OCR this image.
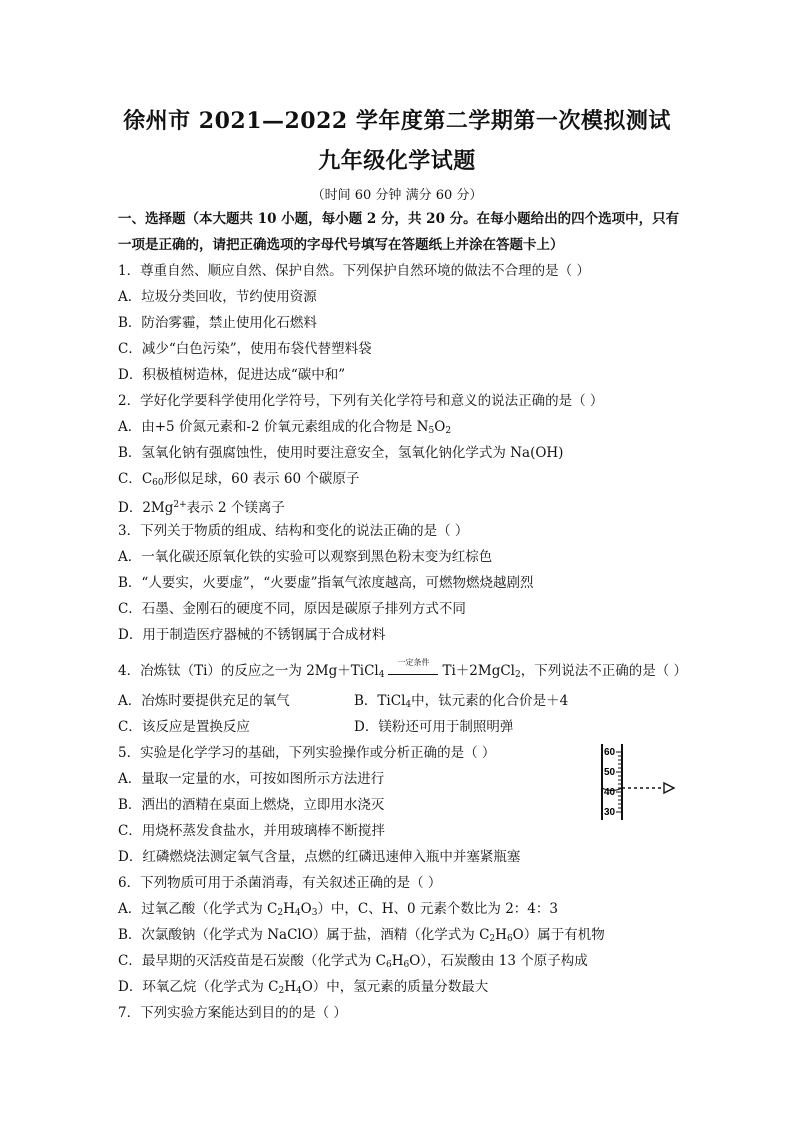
徐州市 2021—2022 学年度第二学期第一次模拟测试
九年级化学试题
（时间 60 分钟 满分 60 分）
一、选择题（本大题共 10 小题，每小题 2 分，共 20 分。在每小题给出的四个选项中，只有
一项是正确的，请把正确选项的字母代号填写在答题纸上并涂在答题卡上）
1．尊重自然、顺应自然、保护自然。下列保护自然环境的做法不合理的是（ ）
A．垃圾分类回收，节约使用资源
B．防治雾霾，禁止使用化石燃料
C．减少“白色污染”，使用布袋代替塑料袋
D．积极植树造林，促进达成“碳中和”
2．学好化学要科学使用化学符号，下列有关化学符号和意义的说法正确的是（ ）
A．由+5 价氮元素和-2 价氧元素组成的化合物是 $N_5O_2$
B．氢氧化钠有强腐蚀性，使用时要注意安全，氢氧化钠化学式为 Na(OH)
C．$C_{60}$形似足球，60 表示 60 个碳原子
D．$2Mg^{2+}$表示 2 个镁离子
3．下列关于物质的组成、结构和变化的说法正确的是（ ）
A．一氧化碳还原氧化铁的实验可以观察到黑色粉末变为红棕色
B．“人要实，火要虚”，“火要虚”指氧气浓度越高，可燃物燃烧越剧烈
C．石墨、金刚石的硬度不同，原因是碳原子排列方式不同
D．用于制造医疗器械的不锈钢属于合成材料
4．冶炼钛（Ti）的反应之一为 2Mg＋TiCl$_4$
一定条件
Ti＋2MgCl$_2$，下列说法不正确的是（ ）
A．冶炼时要提供充足的氧气	B．TiCl$_4$中，钛元素的化合价是＋4
C．该反应是置换反应	D．镁粉还可用于制照明弹
5．实验是化学学习的基础，下列实验操作或分析正确的是（ ）
A．量取一定量的水，可按如图所示方法进行
B．洒出的酒精在桌面上燃烧，立即用水浇灭
C．用烧杯蒸发食盐水，并用玻璃棒不断搅拌
D．红磷燃烧法测定氧气含量，点燃的红磷迅速伸入瓶中并塞紧瓶塞
60
50
40
30
6．下列物质可用于杀菌消毒，有关叙述正确的是（ ）
A．过氧乙酸（化学式为 $C_2H_4O_3$）中，C、H、0 元素个数比为 2：4：3
B．次氯酸钠（化学式为 NaClO）属于盐，酒精（化学式为 $C_2H_6O$）属于有机物
C．最早期的灭活疫苗是石炭酸（化学式为 $C_6H_6O$），石炭酸由 13 个原子构成
D．环氧乙烷（化学式为 $C_2H_4O$）中，氢元素的质量分数最大
7．下列实验方案能达到目的的是（ ）
